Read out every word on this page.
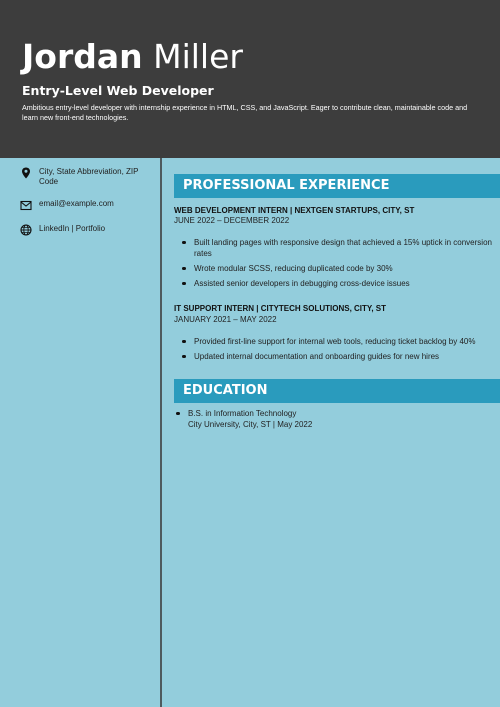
Jordan Miller
Entry-Level Web Developer
Ambitious entry-level developer with internship experience in HTML, CSS, and JavaScript. Eager to contribute clean, maintainable code and learn new front-end technologies.
City, State Abbreviation, ZIP Code
email@example.com
LinkedIn | Portfolio
PROFESSIONAL EXPERIENCE
WEB DEVELOPMENT INTERN | NEXTGEN STARTUPS, CITY, ST
JUNE 2022 – DECEMBER 2022
Built landing pages with responsive design that achieved a 15% uptick in conversion rates
Wrote modular SCSS, reducing duplicated code by 30%
Assisted senior developers in debugging cross-device issues
IT SUPPORT INTERN | CITYTECH SOLUTIONS, CITY, ST
JANUARY 2021 – MAY 2022
Provided first-line support for internal web tools, reducing ticket backlog by 40%
Updated internal documentation and onboarding guides for new hires
EDUCATION
B.S. in Information Technology
City University, City, ST | May 2022
